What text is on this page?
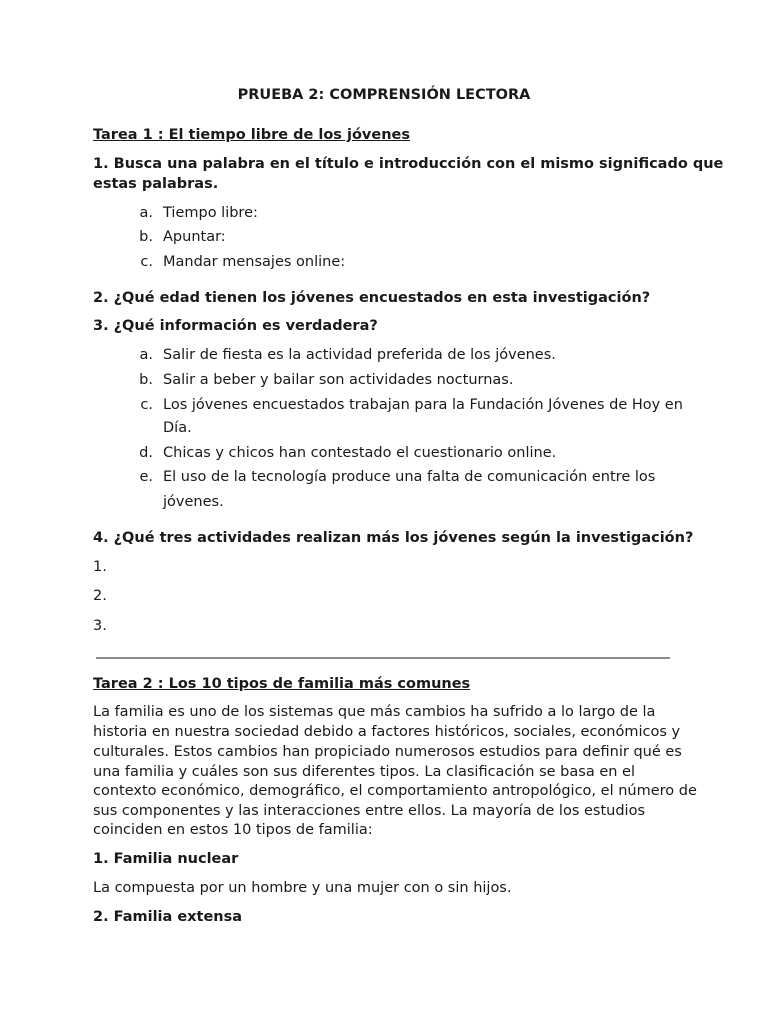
PRUEBA 2: COMPRENSIÓN LECTORA
Tarea 1 : El tiempo libre de los jóvenes
1. Busca una palabra en el título e introducción con el mismo significado que
estas palabras.
a. Tiempo libre:
b. Apuntar:
c. Mandar mensajes online:
2. ¿Qué edad tienen los jóvenes encuestados en esta investigación?
3. ¿Qué información es verdadera?
a. Salir de fiesta es la actividad preferida de los jóvenes.
b. Salir a beber y bailar son actividades nocturnas.
c. Los jóvenes encuestados trabajan para la Fundación Jóvenes de Hoy en
Día.
d. Chicas y chicos han contestado el cuestionario online.
e. El uso de la tecnología produce una falta de comunicación entre los
jóvenes.
4. ¿Qué tres actividades realizan más los jóvenes según la investigación?
1.
2.
3.
Tarea 2 : Los 10 tipos de familia más comunes
La familia es uno de los sistemas que más cambios ha sufrido a lo largo de la
historia en nuestra sociedad debido a factores históricos, sociales, económicos y
culturales. Estos cambios han propiciado numerosos estudios para definir qué es
una familia y cuáles son sus diferentes tipos. La clasificación se basa en el
contexto económico, demográfico, el comportamiento antropológico, el número de
sus componentes y las interacciones entre ellos. La mayoría de los estudios
coinciden en estos 10 tipos de familia:
1. Familia nuclear
La compuesta por un hombre y una mujer con o sin hijos.
2. Familia extensa
